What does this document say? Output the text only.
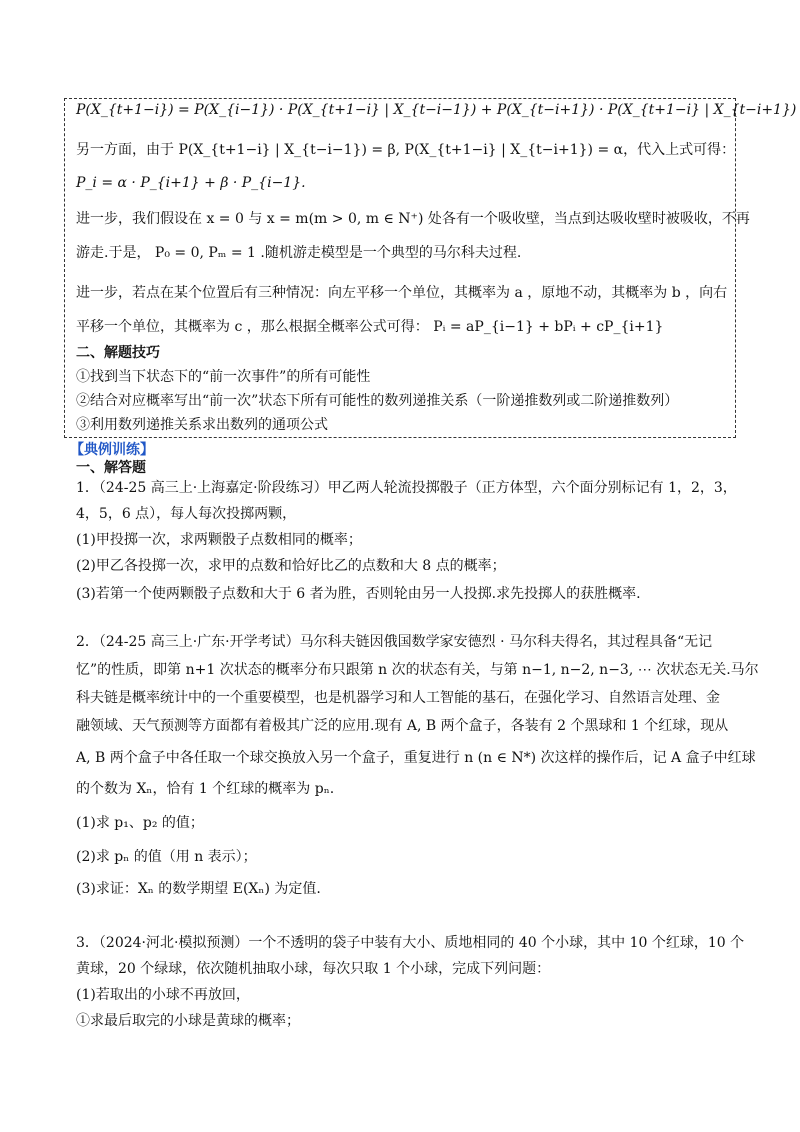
P(X_{t+1−i}) = P(X_{i−1}) · P(X_{t+1−i} | X_{t−i−1}) + P(X_{t−i+1}) · P(X_{t+1−i} | X_{t−i+1})
另一方面，由于 P(X_{t+1−i} | X_{t−i−1}) = β, P(X_{t+1−i} | X_{t−i+1}) = α，代入上式可得：
P_i = α · P_{i+1} + β · P_{i−1}.
进一步，我们假设在 x = 0 与 x = m(m > 0, m ∈ N⁺) 处各有一个吸收壁，当点到达吸收壁时被吸收，不再
游走.于是， P₀ = 0, Pₘ = 1 .随机游走模型是一个典型的马尔科夫过程.
进一步，若点在某个位置后有三种情况：向左平移一个单位，其概率为 a ，原地不动，其概率为 b ，向右
平移一个单位，其概率为 c ，那么根据全概率公式可得： Pᵢ = aP_{i−1} + bPᵢ + cP_{i+1}
二、解题技巧
①找到当下状态下的“前一次事件”的所有可能性
②结合对应概率写出“前一次”状态下所有可能性的数列递推关系（一阶递推数列或二阶递推数列）
③利用数列递推关系求出数列的通项公式
【典例训练】
一、解答题
1．（24-25 高三上·上海嘉定·阶段练习）甲乙两人轮流投掷骰子（正方体型，六个面分别标记有 1，2，3，
4，5，6 点），每人每次投掷两颗，
(1)甲投掷一次，求两颗骰子点数相同的概率；
(2)甲乙各投掷一次，求甲的点数和恰好比乙的点数和大 8 点的概率；
(3)若第一个使两颗骰子点数和大于 6 者为胜，否则轮由另一人投掷.求先投掷人的获胜概率.
2．（24-25 高三上·广东·开学考试）马尔科夫链因俄国数学家安德烈 · 马尔科夫得名，其过程具备“无记
忆”的性质，即第 n+1 次状态的概率分布只跟第 n 次的状态有关，与第 n−1, n−2, n−3, ⋯ 次状态无关.马尔
科夫链是概率统计中的一个重要模型，也是机器学习和人工智能的基石，在强化学习、自然语言处理、金
融领域、天气预测等方面都有着极其广泛的应用.现有 A, B 两个盒子，各装有 2 个黑球和 1 个红球，现从
A, B 两个盒子中各任取一个球交换放入另一个盒子，重复进行 n (n ∈ N*) 次这样的操作后，记 A 盒子中红球
的个数为 Xₙ，恰有 1 个红球的概率为 pₙ.
(1)求 p₁、p₂ 的值；
(2)求 pₙ 的值（用 n 表示）；
(3)求证：Xₙ 的数学期望 E(Xₙ) 为定值.
3．（2024·河北·模拟预测）一个不透明的袋子中装有大小、质地相同的 40 个小球，其中 10 个红球，10 个
黄球，20 个绿球，依次随机抽取小球，每次只取 1 个小球，完成下列问题：
(1)若取出的小球不再放回，
①求最后取完的小球是黄球的概率；
